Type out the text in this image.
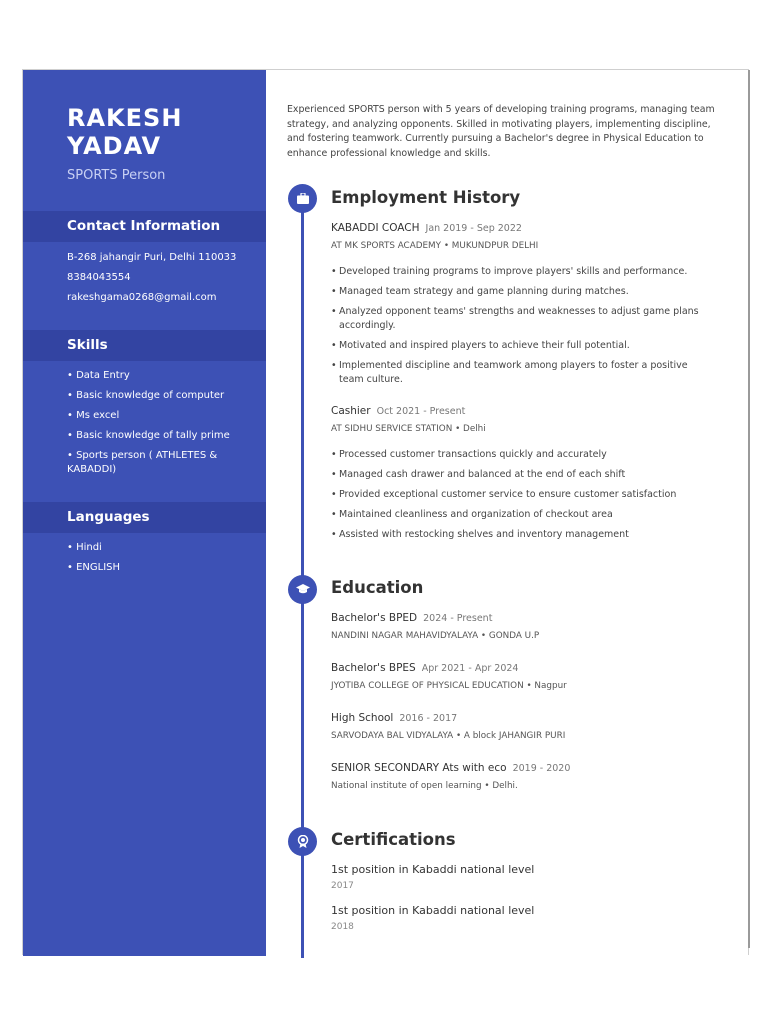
RAKESH
YADAV
SPORTS Person
Contact Information
B-268 jahangir Puri, Delhi 110033
8384043554
rakeshgama0268@gmail.com
Skills
• Data Entry
• Basic knowledge of computer
• Ms excel
• Basic knowledge of tally prime
• Sports person ( ATHLETES & KABADDI)
Languages
• Hindi
• ENGLISH
Experienced SPORTS person with 5 years of developing training programs, managing team strategy, and analyzing opponents. Skilled in motivating players, implementing discipline, and fostering teamwork. Currently pursuing a Bachelor's degree in Physical Education to enhance professional knowledge and skills.
Employment History
KABADDI COACH Jan 2019 - Sep 2022
AT MK SPORTS ACADEMY • MUKUNDPUR DELHI
• Developed training programs to improve players' skills and performance.
• Managed team strategy and game planning during matches.
• Analyzed opponent teams' strengths and weaknesses to adjust game plans accordingly.
• Motivated and inspired players to achieve their full potential.
• Implemented discipline and teamwork among players to foster a positive team culture.
Cashier Oct 2021 - Present
AT SIDHU SERVICE STATION • Delhi
• Processed customer transactions quickly and accurately
• Managed cash drawer and balanced at the end of each shift
• Provided exceptional customer service to ensure customer satisfaction
• Maintained cleanliness and organization of checkout area
• Assisted with restocking shelves and inventory management
Education
Bachelor's BPED 2024 - Present
NANDINI NAGAR MAHAVIDYALAYA • GONDA U.P
Bachelor's BPES Apr 2021 - Apr 2024
JYOTIBA COLLEGE OF PHYSICAL EDUCATION • Nagpur
High School 2016 - 2017
SARVODAYA BAL VIDYALAYA • A block JAHANGIR PURI
SENIOR SECONDARY Ats with eco 2019 - 2020
National institute of open learning • Delhi.
Certifications
1st position in Kabaddi national level
2017
1st position in Kabaddi national level
2018
